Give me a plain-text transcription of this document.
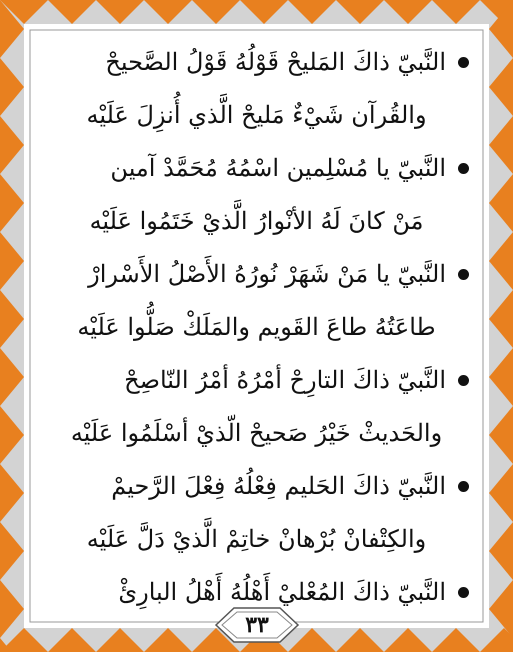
النَّبيّ ذاكَ المَليحْ قَوْلُهُ قَوْلُ الصَّحيحْ
والقُرآن شَيْءٌ مَليحْ الَّذي أُنزِلَ عَلَيْه
النَّبيّ يا مُسْلِمين اسْمُهُ مُحَمَّدْ آمين
مَنْ كانَ لَهُ الأنْوارُ الَّذيْ خَتَمُوا عَلَيْه
النَّبيّ يا مَنْ شَهَرْ نُورُهُ الأَصْلُ الأَسْرارْ
طاعَتُهُ طاعَ القَويم والمَلَكْ صَلُّوا عَلَيْه
النَّبيّ ذاكَ التارِحْ أمْرُهُ أمْرُ النّاصِحْ
والحَديثْ خَيْرُ صَحيحْ الّذيْ أسْلَمُوا عَلَيْه
النَّبيّ ذاكَ الحَليم فِعْلُهُ فِعْلَ الرَّحيمْ
والكِتْفانْ بُرْهانْ خاتِمْ الَّذيْ دَلَّ عَلَيْه
النَّبيّ ذاكَ المُعْليْ أَهْلُهُ أَهْلُ البارِئْ
٣٣
